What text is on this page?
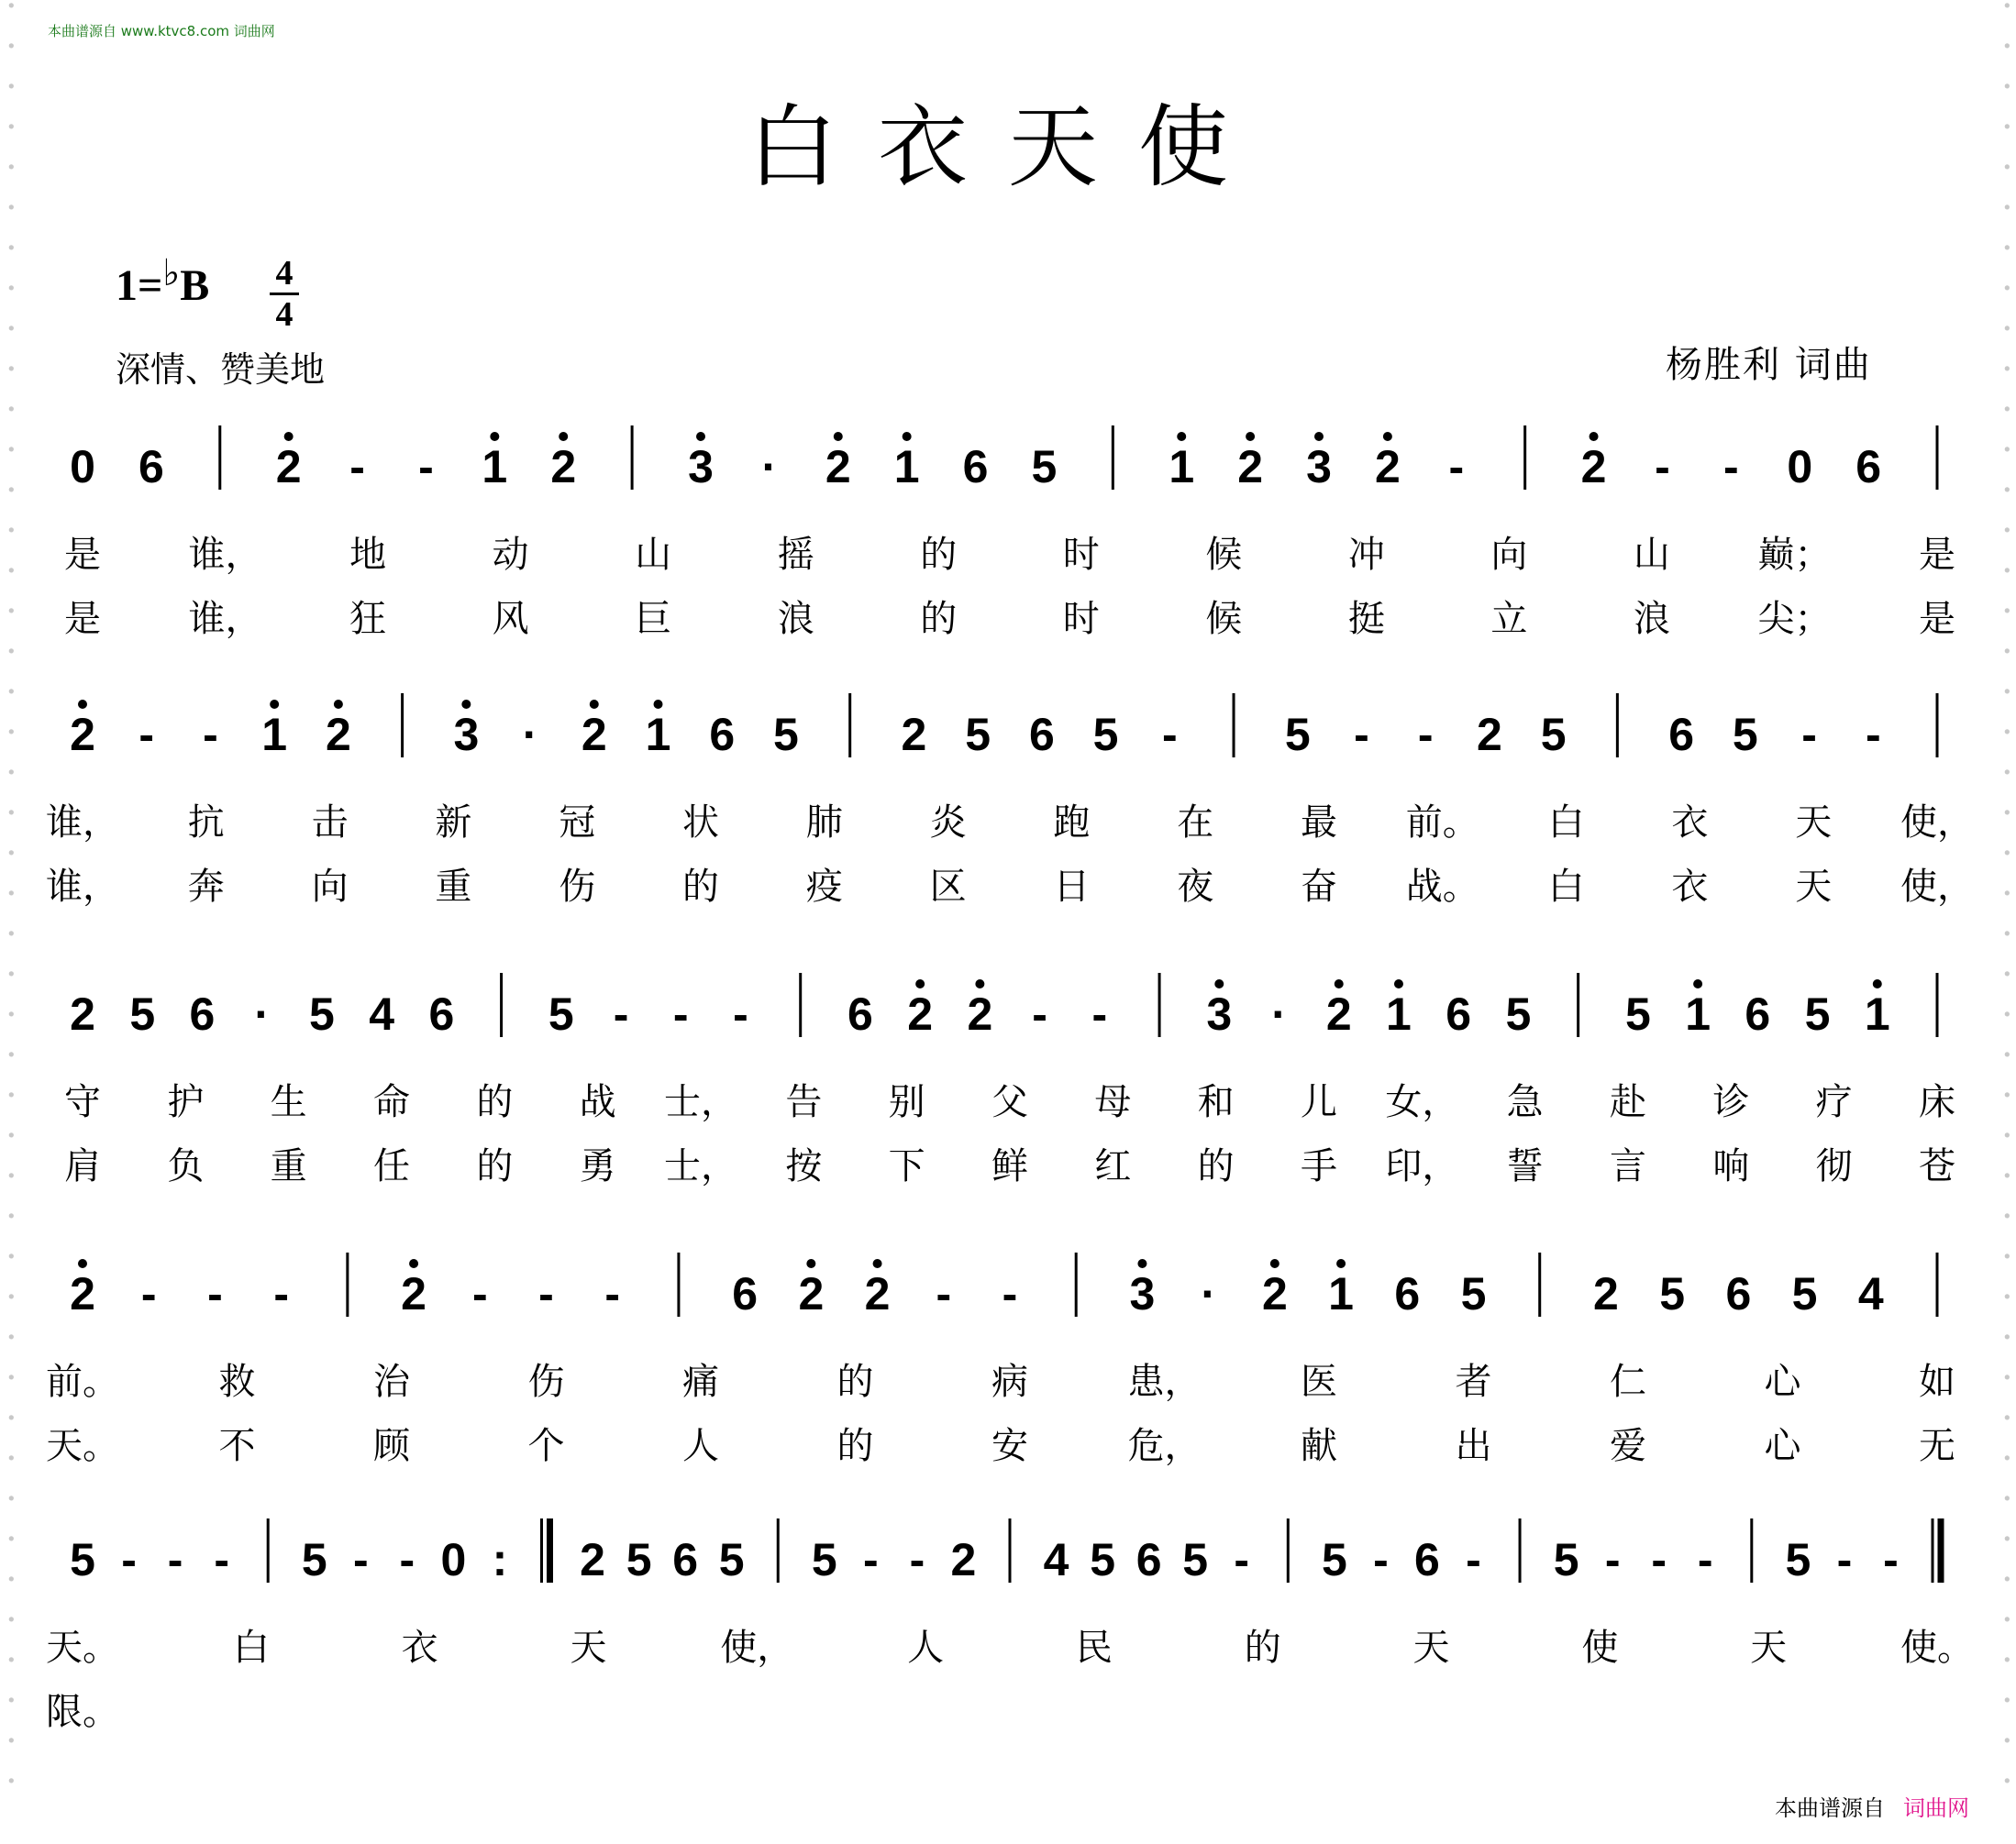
本曲谱源自 www.ktvc8.com 词曲网
白衣天使
1=♭B 4
4
深情、赞美地	杨胜利 词曲
本曲谱源自 词曲网
0 6 2 - - 1 2 3 · 2 1 6 5 1 2 3 2 -	2 - - 0 6
是 谁， 地	动	山	摇	的	时	候	冲	向	山 巅； 是
是 谁， 狂	风	巨	浪	的	时	候	挺	立	浪 尖； 是
2 - - 1 2 3 · 2 1 6 5 2 5 6 5 - 5 - - 2 5 6 5 - -
谁， 抗 击 新 冠 状 肺 炎 跑 在 最 前。 白 衣 天 使，
谁， 奔 向 重 伤 的 疫 区 日 夜 奋 战。 白 衣 天 使，
2 5 6 · 5 4 6 5 - - - 6 2 2 - - 3 · 2 1 6 5 5 1 6 5 1
守 护 生 命 的 战 士， 告 别 父 母 和 儿 女， 急 赴 诊 疗 床
肩 负 重 任 的 勇 士， 按 下 鲜 红 的 手 印， 誓 言 响 彻 苍
2 - - - 2 - - - 6 2 2 - - 3 · 2 1 6 5 2 5 6 5 4
前。	救	治	伤	痛	的	病	患，	医	者	仁	心	如
天。	不	顾	个	人	的	安	危，	献	出	爱	心	无
5 - - - 5 - - 0 : 2 5 6 5 5 - - 2 4 5 6 5 - 5 - 6 - 5 - - - 5 - -
天。	白	衣	天	使，	人	民	的	天	使	天	使。
限。
·	·
·	·
·	·
·	·
·	·
·	·
·	·
·	·
·	·
·	·
·	·
·	·
·	·
·	·
·	·
·	·
·	·
·	·
·	·
·	·
·	·
·	·
·	·
·	·
·	·
·	·
·	·
·	·
·	·
·	·
·	·
·	·
·	·
·	·
·	·
·	·
·	·
·	·
·	·
·	·
·	·
·	·
·	·
·	·
·	·
